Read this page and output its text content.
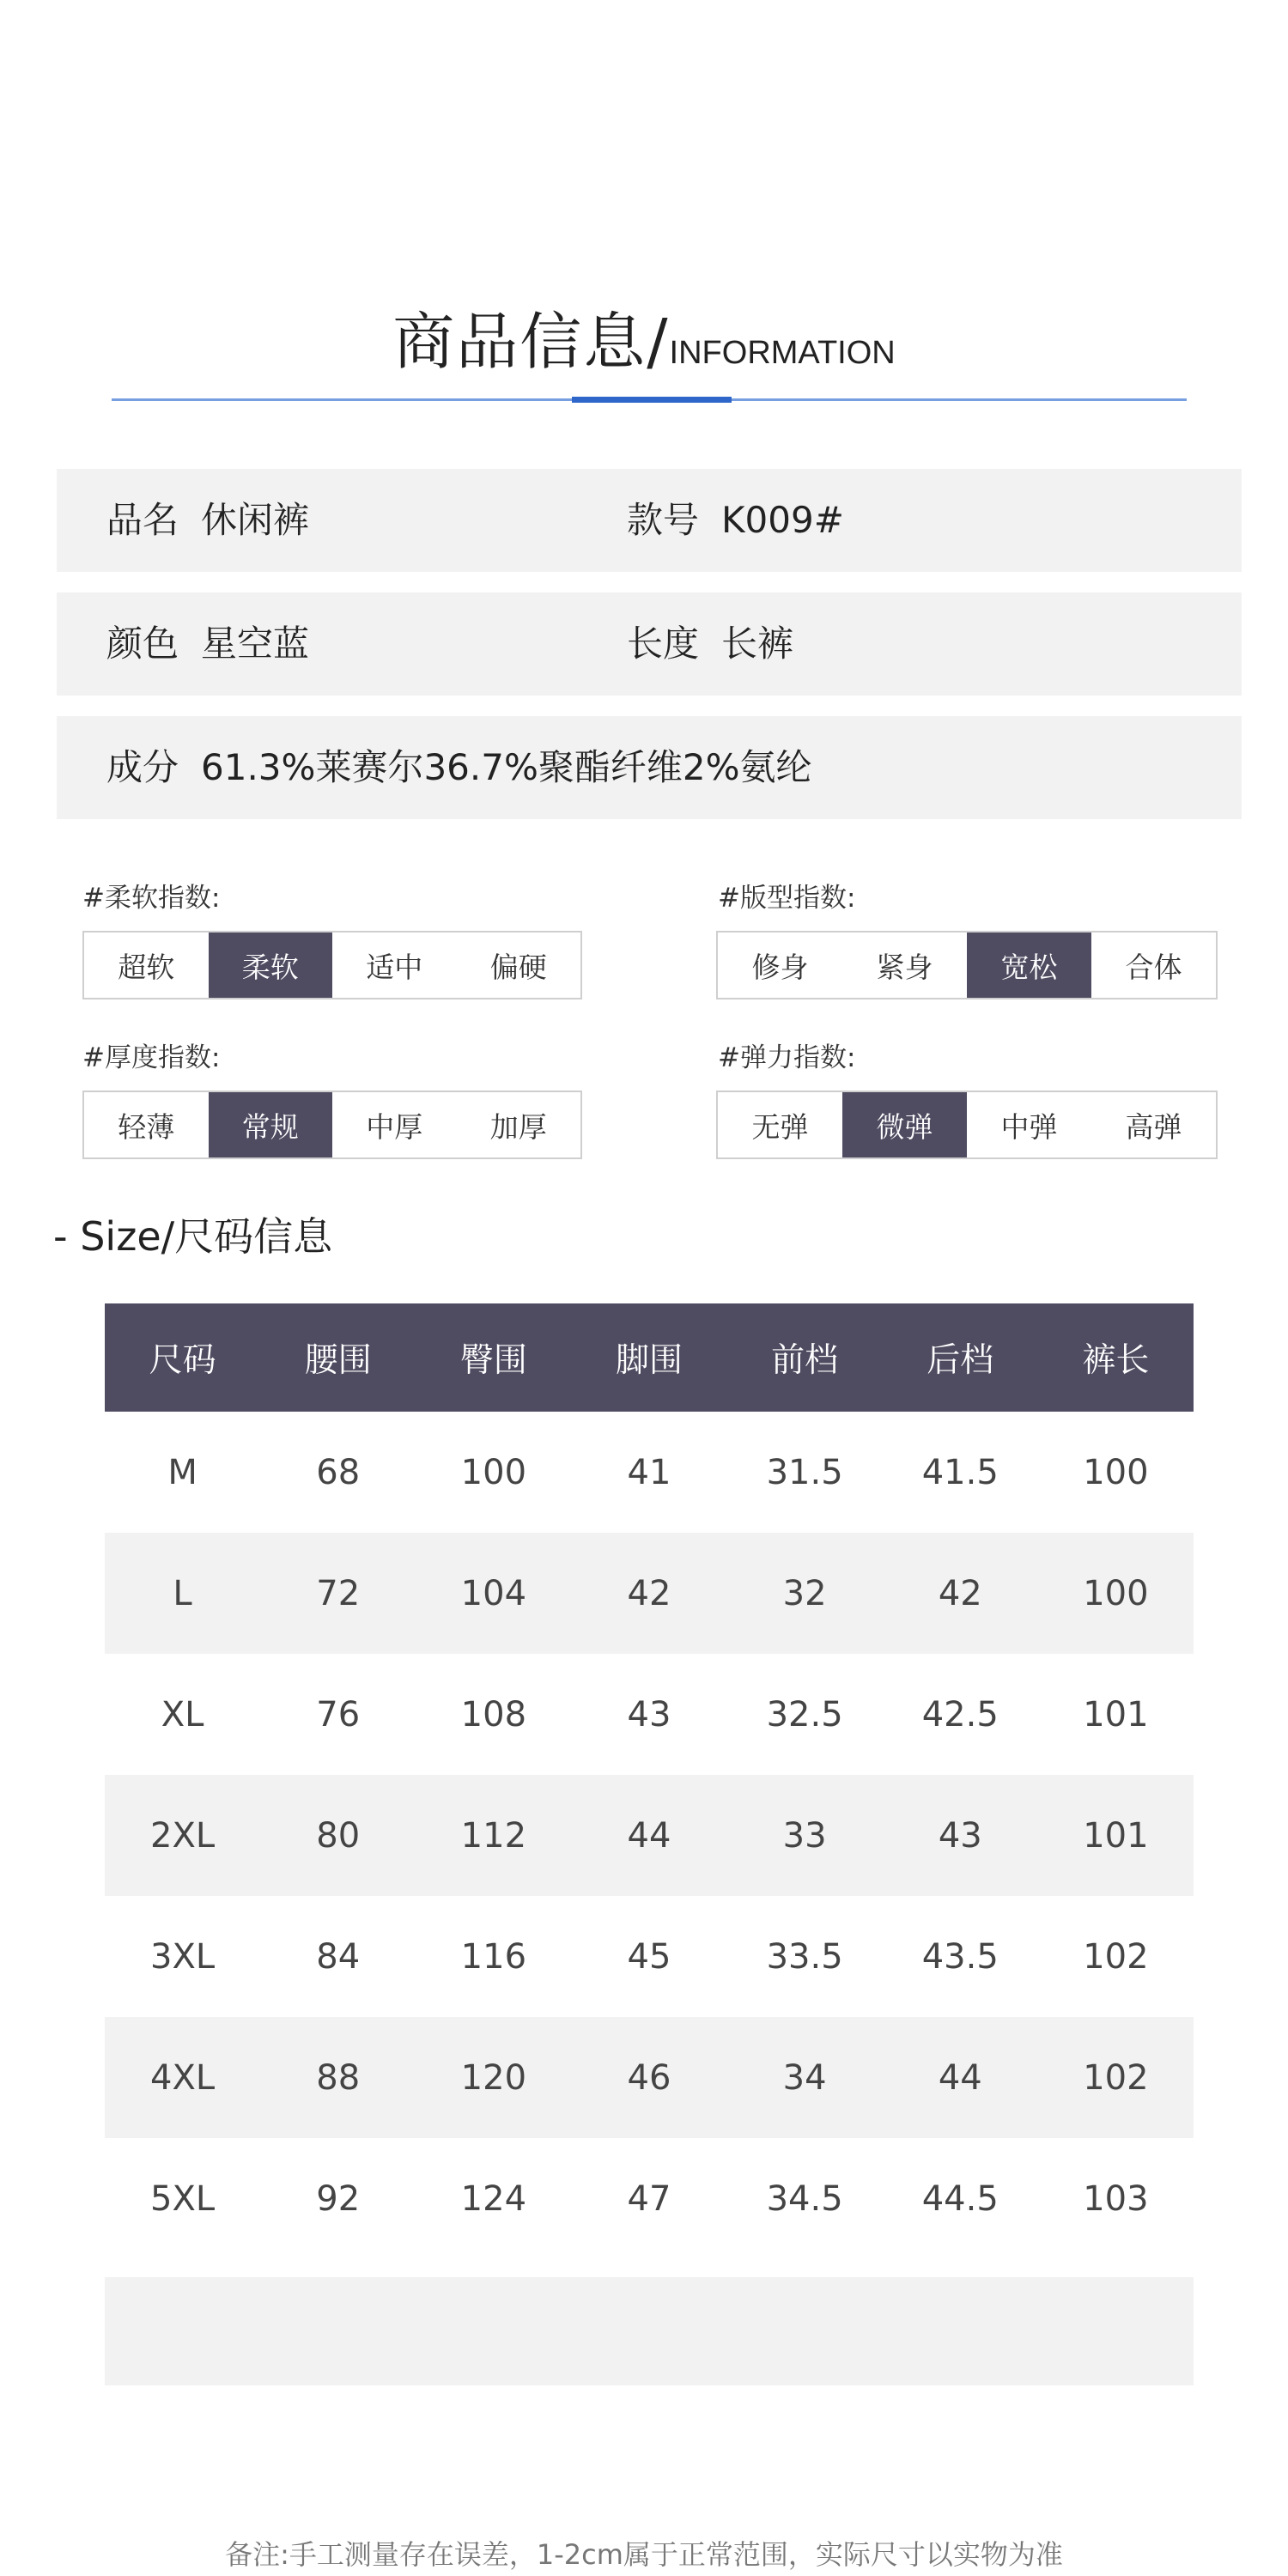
商品信息/INFORMATION
品名 休闲裤	款号 K009#
颜色 星空蓝	长度 长裤
成分 61.3%莱赛尔36.7%聚酯纤维2%氨纶
#柔软指数:
超软	柔软	适中	偏硬
#版型指数:
修身	紧身	宽松	合体
#厚度指数:
轻薄	常规	中厚	加厚
#弹力指数:
无弹	微弹	中弹	高弹
- Size/尺码信息
尺码	腰围	臀围	脚围	前档	后档	裤长
M	68	100	41	31.5	41.5	100
L	72	104	42	32	42	100
XL	76	108	43	32.5	42.5	101
2XL	80	112	44	33	43	101
3XL	84	116	45	33.5	43.5	102
4XL	88	120	46	34	44	102
5XL	92	124	47	34.5	44.5	103
备注:手工测量存在误差，1-2cm属于正常范围，实际尺寸以实物为准
